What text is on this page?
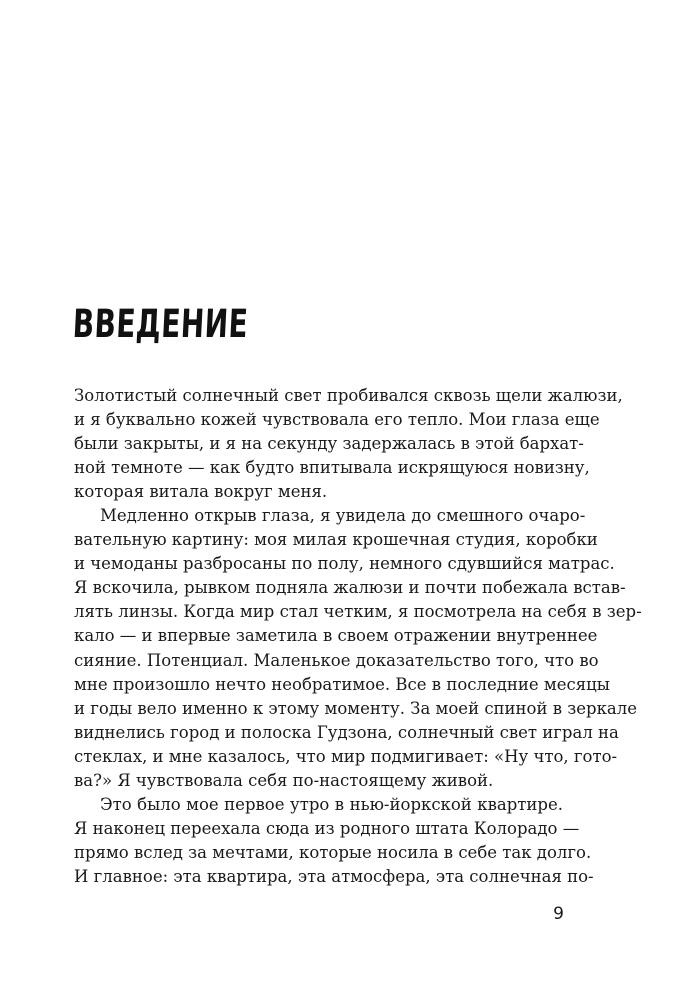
ВВЕДЕНИЕ
Золотистый солнечный свет пробивался сквозь щели жалюзи,
и я буквально кожей чувствовала его тепло. Мои глаза еще
были закрыты, и я на секунду задержалась в этой бархат-
ной темноте — как будто впитывала искрящуюся новизну,
которая витала вокруг меня.
Медленно открыв глаза, я увидела до смешного очаро-
вательную картину: моя милая крошечная студия, коробки
и чемоданы разбросаны по полу, немного сдувшийся матрас.
Я вскочила, рывком подняла жалюзи и почти побежала встав-
лять линзы. Когда мир стал четким, я посмотрела на себя в зер-
кало — и впервые заметила в своем отражении внутреннее
сияние. Потенциал. Маленькое доказательство того, что во
мне произошло нечто необратимое. Все в последние месяцы
и годы вело именно к этому моменту. За моей спиной в зеркале
виднелись город и полоска Гудзона, солнечный свет играл на
стеклах, и мне казалось, что мир подмигивает: «Ну что, гото-
ва?» Я чувствовала себя по-настоящему живой.
Это было мое первое утро в нью-йоркской квартире.
Я наконец переехала сюда из родного штата Колорадо —
прямо вслед за мечтами, которые носила в себе так долго.
И главное: эта квартира, эта атмосфера, эта солнечная по-
9
